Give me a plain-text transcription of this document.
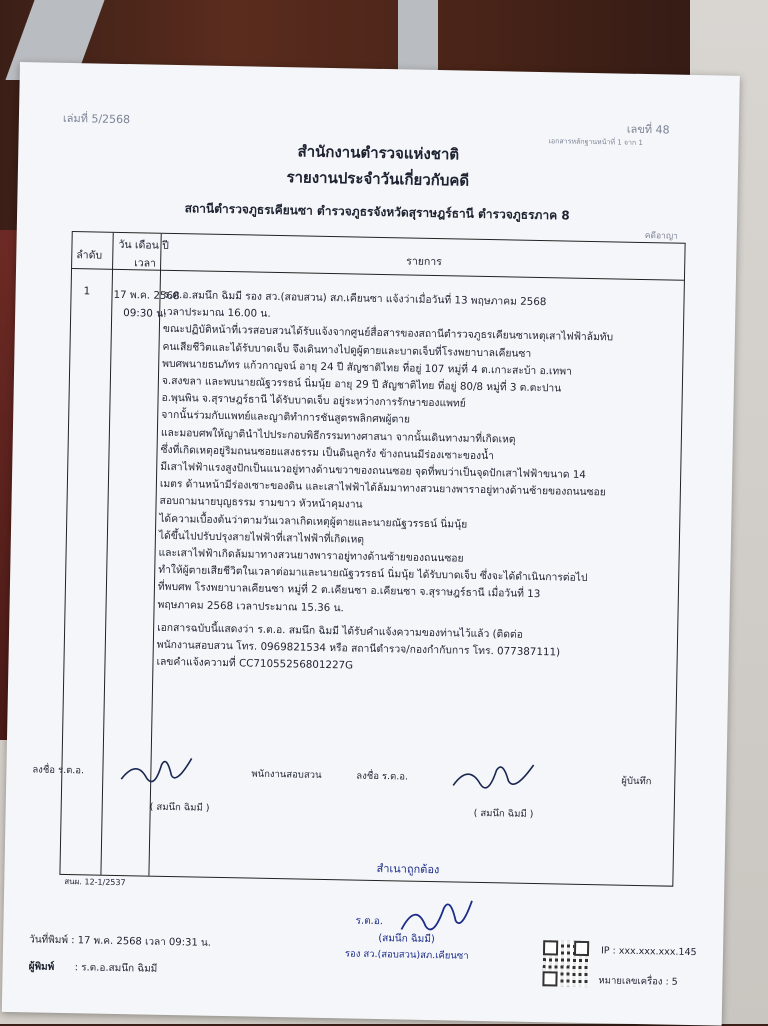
เล่มที่ 5/2568
เลขที่ 48
เอกสารหลักฐานหน้าที่ 1 จาก 1
สำนักงานตำรวจแห่งชาติ
รายงานประจำวันเกี่ยวกับคดี
สถานีตำรวจภูธรเคียนซา ตำรวจภูธรจังหวัดสุราษฎร์ธานี ตำรวจภูธรภาค 8
คดีอาญา
ลำดับ
วัน เดือน ปี
เวลา	รายการ
1 17 พ.ค. 2568
09:30 น.
ร.ต.อ.สมนึก ฉิมมี รอง สว.(สอบสวน) สภ.เคียนซา แจ้งว่าเมื่อวันที่ 13 พฤษภาคม 2568
เวลาประมาณ 16.00 น.
ขณะปฏิบัติหน้าที่เวรสอบสวนได้รับแจ้งจากศูนย์สื่อสารของสถานีตำรวจภูธรเคียนซาเหตุเสาไฟฟ้าล้มทับ
คนเสียชีวิตและได้รับบาดเจ็บ จึงเดินทางไปดูผู้ตายและบาดเจ็บที่โรงพยาบาลเคียนซา
พบศพนายธนภัทร แก้วกาญจน์ อายุ 24 ปี สัญชาติไทย ที่อยู่ 107 หมู่ที่ 4 ต.เกาะสะบ้า อ.เทพา
จ.สงขลา และพบนายณัฐวรรธน์ นิ่มนุ้ย อายุ 29 ปี สัญชาติไทย ที่อยู่ 80/8 หมู่ที่ 3 ต.ตะปาน
อ.พุนพิน จ.สุราษฎร์ธานี ได้รับบาดเจ็บ อยู่ระหว่างการรักษาของแพทย์
จากนั้นร่วมกับแพทย์และญาติทำการชันสูตรพลิกศพผู้ตาย
และมอบศพให้ญาตินำไปประกอบพิธีกรรมทางศาสนา จากนั้นเดินทางมาที่เกิดเหตุ
ซึ่งที่เกิดเหตุอยู่ริมถนนซอยแสงธรรม เป็นดินลูกรัง ข้างถนนมีร่องเซาะของน้ำ
มีเสาไฟฟ้าแรงสูงปักเป็นแนวอยู่ทางด้านขวาของถนนซอย จุดที่พบว่าเป็นจุดปักเสาไฟฟ้าขนาด 14
เมตร ด้านหน้ามีร่องเซาะของดิน และเสาไฟฟ้าได้ล้มมาทางสวนยางพาราอยู่ทางด้านซ้ายของถนนซอย
สอบถามนายบุญธรรม รามขาว หัวหน้าคุมงาน
ได้ความเบื้องต้นว่าตามวันเวลาเกิดเหตุผู้ตายและนายณัฐวรรธน์ นิ่มนุ้ย
ได้ขึ้นไปปรับปรุงสายไฟฟ้าที่เสาไฟฟ้าที่เกิดเหตุ
และเสาไฟฟ้าเกิดล้มมาทางสวนยางพาราอยู่ทางด้านซ้ายของถนนซอย
ทำให้ผู้ตายเสียชีวิตในเวลาต่อมาและนายณัฐวรรธน์ นิ่มนุ้ย ได้รับบาดเจ็บ ซึ่งจะได้ดำเนินการต่อไป
ที่พบศพ โรงพยาบาลเคียนซา หมู่ที่ 2 ต.เคียนซา อ.เคียนซา จ.สุราษฎร์ธานี เมื่อวันที่ 13
พฤษภาคม 2568 เวลาประมาณ 15.36 น.
เอกสารฉบับนี้แสดงว่า ร.ต.อ. สมนึก ฉิมมี ได้รับคำแจ้งความของท่านไว้แล้ว (ติดต่อ
พนักงานสอบสวน โทร. 0969821534 หรือ สถานีตำรวจ/กองกำกับการ โทร. 077387111)
เลขคำแจ้งความที่ CC71055256801227G
ลงชื่อ ร.ต.อ.
( สมนึก ฉิมมี )
พนักงานสอบสวน	ลงชื่อ ร.ต.อ.
( สมนึก ฉิมมี )
ผู้บันทึก
สนผ. 12-1/2537
สำเนาถูกต้อง
ร.ต.อ.
(สมนึก ฉิมมี)
รอง สว.(สอบสวน)สภ.เคียนซา
วันที่พิมพ์ : 17 พ.ค. 2568 เวลา 09:31 น.
ผู้พิมพ์ : ร.ต.อ.สมนึก ฉิมมี
IP : xxx.xxx.xxx.145
หมายเลขเครื่อง : 5
